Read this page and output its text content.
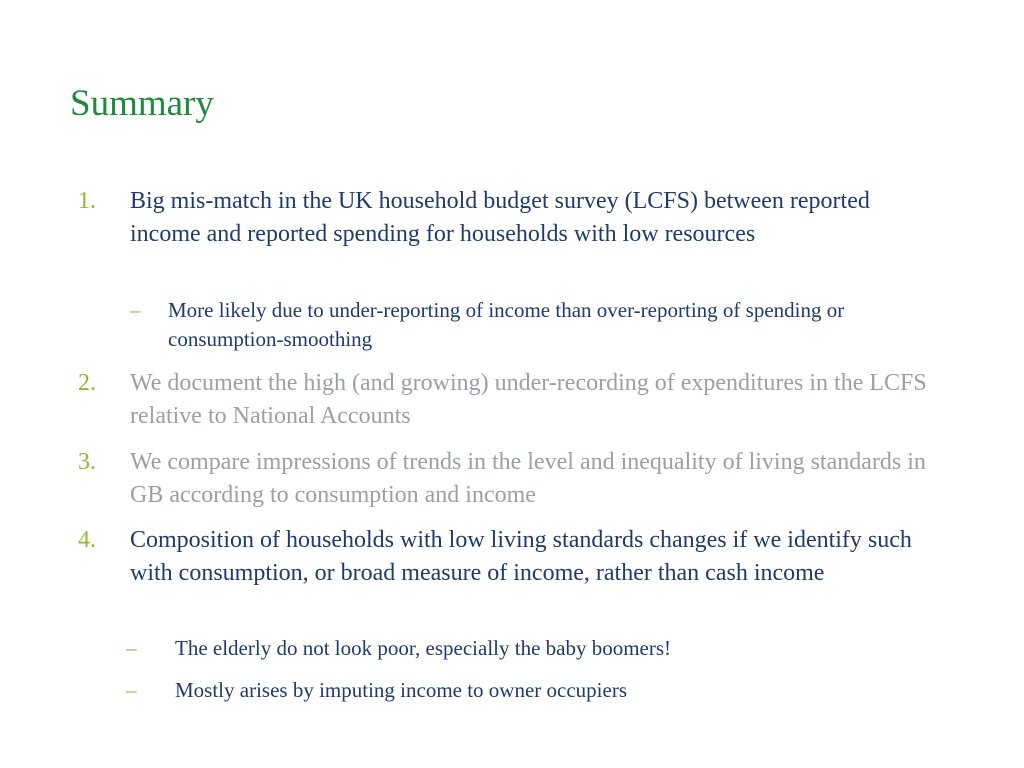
Summary
1.	Big mis-match in the UK household budget survey (LCFS) between reported income and reported spending for households with low resources
– More likely due to under-reporting of income than over-reporting of spending or consumption-smoothing
2.	We document the high (and growing) under-recording of expenditures in the LCFS relative to National Accounts
3.	We compare impressions of trends in the level and inequality of living standards in GB according to consumption and income
4.	Composition of households with low living standards changes if we identify such with consumption, or broad measure of income, rather than cash income
– The elderly do not look poor, especially the baby boomers!
– Mostly arises by imputing income to owner occupiers
